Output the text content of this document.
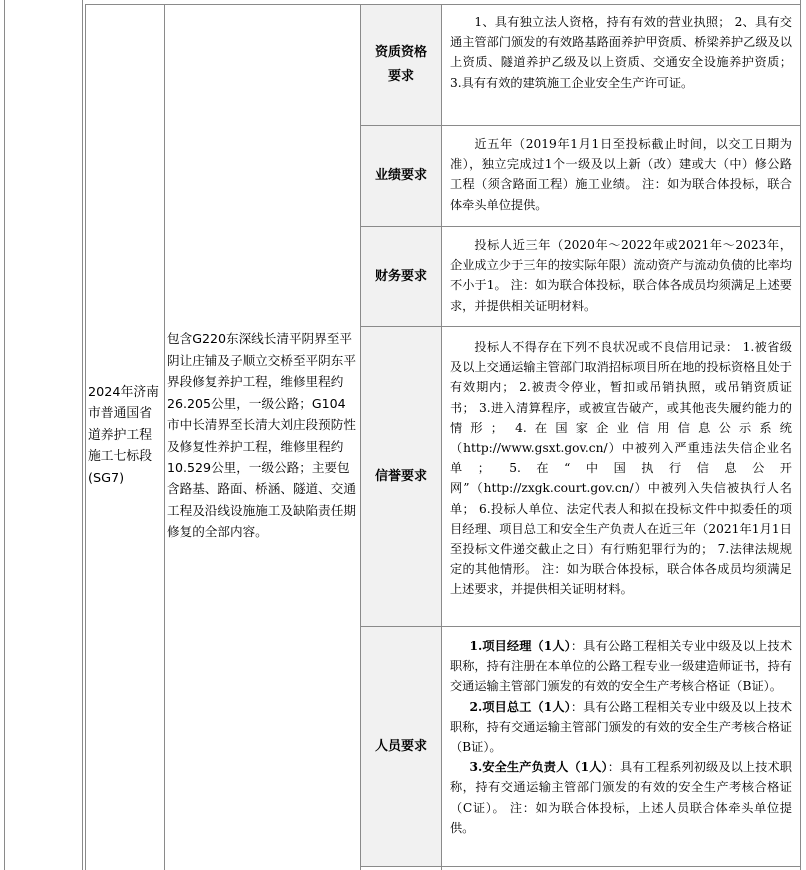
2024年济南市普通国省道养护工程施工七标段(SG7)
包含G220东深线长清平阴界至平阴让庄铺及子顺立交桥至平阴东平界段修复养护工程，维修里程约26.205公里，一级公路；G104市中长清界至长清大刘庄段预防性及修复性养护工程，维修里程约10.529公里，一级公路；主要包含路基、路面、桥涵、隧道、交通工程及沿线设施施工及缺陷责任期修复的全部内容。
资质资格要求
业绩要求
财务要求
信誉要求
人员要求

1、具有独立法人资格，持有有效的营业执照； 2、具有交通主管部门颁发的有效路基路面养护甲资质、桥梁养护乙级及以上资质、隧道养护乙级及以上资质、交通安全设施养护资质； 3.具有有效的建筑施工企业安全生产许可证。

近五年（2019年1月1日至投标截止时间，以交工日期为准），独立完成过1个一级及以上新（改）建或大（中）修公路工程（须含路面工程）施工业绩。 注：如为联合体投标，联合体牵头单位提供。

投标人近三年（2020年～2022年或2021年～2023年，企业成立少于三年的按实际年限）流动资产与流动负债的比率均不小于1。 注：如为联合体投标，联合体各成员均须满足上述要求，并提供相关证明材料。

投标人不得存在下列不良状况或不良信用记录： 1.被省级及以上交通运输主管部门取消招标项目所在地的投标资格且处于有效期内； 2.被责令停业，暂扣或吊销执照，或吊销资质证书； 3.进入清算程序，或被宣告破产，或其他丧失履约能力的情形； 4.在国家企业信用信息公示系统（http://www.gsxt.gov.cn/）中被列入严重违法失信企业名单； 5.在“中国执行信息公开网”（http://zxgk.court.gov.cn/）中被列入失信被执行人名单； 6.投标人单位、法定代表人和拟在投标文件中拟委任的项目经理、项目总工和安全生产负责人在近三年（2021年1月1日至投标文件递交截止之日）有行贿犯罪行为的； 7.法律法规规定的其他情形。 注：如为联合体投标，联合体各成员均须满足上述要求，并提供相关证明材料。

1.项目经理（1人）：具有公路工程相关专业中级及以上技术职称，持有注册在本单位的公路工程专业一级建造师证书，持有交通运输主管部门颁发的有效的安全生产考核合格证（B证）。

2.项目总工（1人）：具有公路工程相关专业中级及以上技术职称，持有交通运输主管部门颁发的有效的安全生产考核合格证（B证）。

3.安全生产负责人（1人）：具有工程系列初级及以上技术职称，持有交通运输主管部门颁发的有效的安全生产考核合格证（C证）。 注：如为联合体投标，上述人员联合体牵头单位提供。
